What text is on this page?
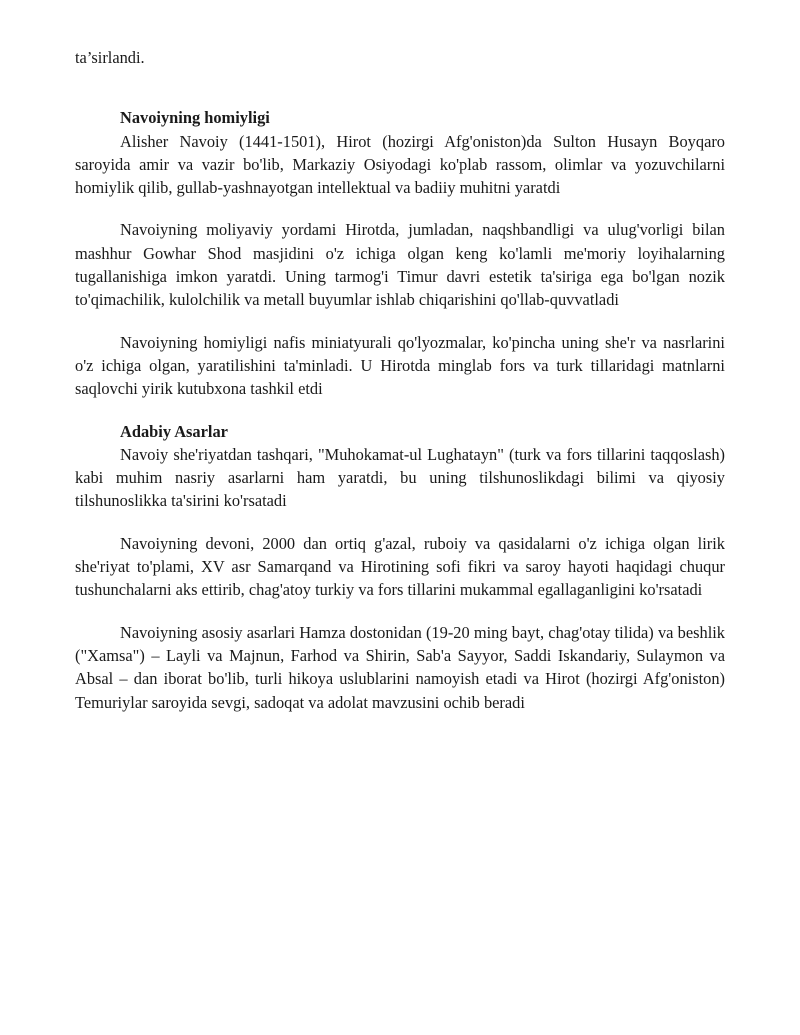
ta’sirlandi.

Navoiyning homiyligi

Alisher Navoiy (1441-1501), Hirot (hozirgi Afg'oniston)da Sulton Husayn Boyqaro saroyida amir va vazir bo'lib, Markaziy Osiyodagi ko'plab rassom, olimlar va yozuvchilarni homiylik qilib, gullab-yashnayotgan intellektual va badiiy muhitni yaratdi

Navoiyning moliyaviy yordami Hirotda, jumladan, naqshbandligi va ulug'vorligi bilan mashhur Gowhar Shod masjidini o'z ichiga olgan keng ko'lamli me'moriy loyihalarning tugallanishiga imkon yaratdi. Uning tarmog'i Timur davri estetik ta'siriga ega bo'lgan nozik to'qimachilik, kulolchilik va metall buyumlar ishlab chiqarishini qo'llab-quvvatladi

Navoiyning homiyligi nafis miniatyurali qo'lyozmalar, ko'pincha uning she'r va nasrlarini o'z ichiga olgan, yaratilishini ta'minladi. U Hirotda minglab fors va turk tillaridagi matnlarni saqlovchi yirik kutubxona tashkil etdi

Adabiy Asarlar

Navoiy she'riyatdan tashqari, "Muhokamat-ul Lughatayn" (turk va fors tillarini taqqoslash) kabi muhim nasriy asarlarni ham yaratdi, bu uning tilshunoslikdagi bilimi va qiyosiy tilshunoslikka ta'sirini ko'rsatadi

Navoiyning devoni, 2000 dan ortiq g'azal, ruboiy va qasidalarni o'z ichiga olgan lirik she'riyat to'plami, XV asr Samarqand va Hirotining sofi fikri va saroy hayoti haqidagi chuqur tushunchalarni aks ettirib, chag'atoy turkiy va fors tillarini mukammal egallaganligini ko'rsatadi

Navoiyning asosiy asarlari Hamza dostonidan (19-20 ming bayt, chag'otay tilida) va beshlik ("Xamsa") – Layli va Majnun, Farhod va Shirin, Sab'a Sayyor, Saddi Iskandariy, Sulaymon va Absal – dan iborat bo'lib, turli hikoya uslublarini namoyish etadi va Hirot (hozirgi Afg'oniston) Temuriylar saroyida sevgi, sadoqat va adolat mavzusini ochib beradi
